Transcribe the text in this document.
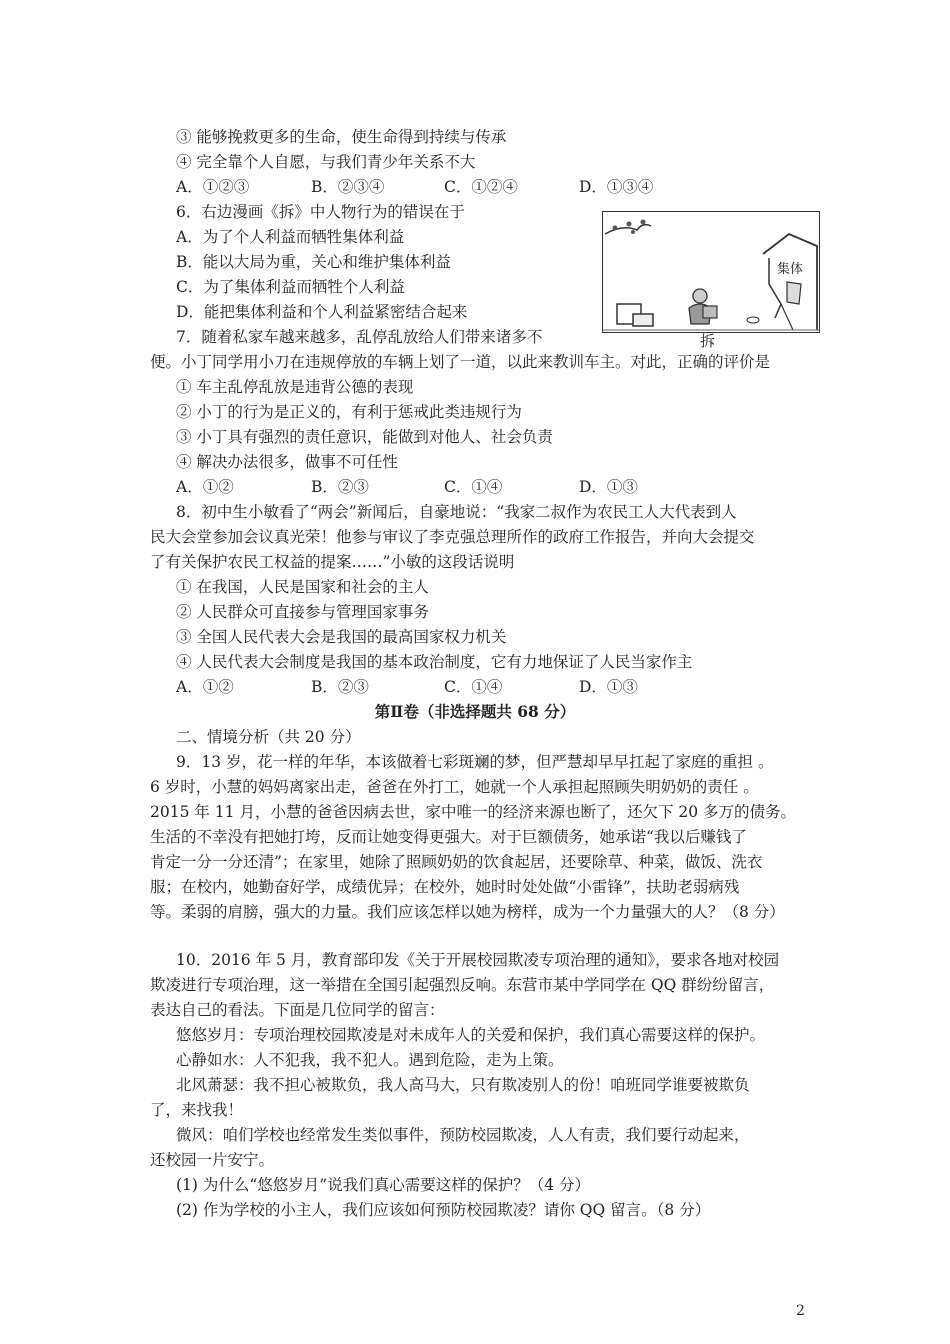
③ 能够挽救更多的生命，使生命得到持续与传承
④ 完全靠个人自愿，与我们青少年关系不大
A．①②③	B．②③④	C．①②④	D．①③④
6．右边漫画《拆》中人物行为的错误在于
A．为了个人利益而牺牲集体利益
B．能以大局为重，关心和维护集体利益
C．为了集体利益而牺牲个人利益
D．能把集体利益和个人利益紧密结合起来
集体
拆
7．随着私家车越来越多，乱停乱放给人们带来诸多不
便。小丁同学用小刀在违规停放的车辆上划了一道，以此来教训车主。对此，正确的评价是
① 车主乱停乱放是违背公德的表现
② 小丁的行为是正义的，有利于惩戒此类违规行为
③ 小丁具有强烈的责任意识，能做到对他人、社会负责
④ 解决办法很多，做事不可任性
A．①②	B．②③	C．①④	D．①③
8．初中生小敏看了“两会”新闻后，自豪地说：“我家二叔作为农民工人大代表到人
民大会堂参加会议真光荣！他参与审议了李克强总理所作的政府工作报告，并向大会提交
了有关保护农民工权益的提案……”小敏的这段话说明
① 在我国，人民是国家和社会的主人
② 人民群众可直接参与管理国家事务
③ 全国人民代表大会是我国的最高国家权力机关
④ 人民代表大会制度是我国的基本政治制度，它有力地保证了人民当家作主
A．①②	B．②③	C．①④	D．①③
第Ⅱ卷（非选择题共 68 分）
二、情境分析（共 20 分）
9．13 岁，花一样的年华，本该做着七彩斑斓的梦，但严慧却早早扛起了家庭的重担 。
6 岁时，小慧的妈妈离家出走，爸爸在外打工，她就一个人承担起照顾失明奶奶的责任 。
2015 年 11 月，小慧的爸爸因病去世，家中唯一的经济来源也断了，还欠下 20 多万的债务。
生活的不幸没有把她打垮，反而让她变得更强大。对于巨额债务，她承诺“我以后赚钱了
肯定一分一分还清”；在家里，她除了照顾奶奶的饮食起居，还要除草、种菜，做饭、洗衣
服；在校内，她勤奋好学，成绩优异；在校外，她时时处处做“小雷锋”，扶助老弱病残
等。柔弱的肩膀，强大的力量。我们应该怎样以她为榜样，成为一个力量强大的人？（8 分）
10．2016 年 5 月，教育部印发《关于开展校园欺凌专项治理的通知》，要求各地对校园
欺凌进行专项治理，这一举措在全国引起强烈反响。东营市某中学同学在 QQ 群纷纷留言，
表达自己的看法。下面是几位同学的留言：
悠悠岁月：专项治理校园欺凌是对未成年人的关爱和保护，我们真心需要这样的保护。
心静如水：人不犯我，我不犯人。遇到危险，走为上策。
北风萧瑟：我不担心被欺负，我人高马大，只有欺凌别人的份！咱班同学谁要被欺负
了，来找我！
微风：咱们学校也经常发生类似事件，预防校园欺凌，人人有责，我们要行动起来，
还校园一片安宁。
(1) 为什么“悠悠岁月”说我们真心需要这样的保护？（4 分）
(2) 作为学校的小主人，我们应该如何预防校园欺凌？请你 QQ 留言。（8 分）
2
